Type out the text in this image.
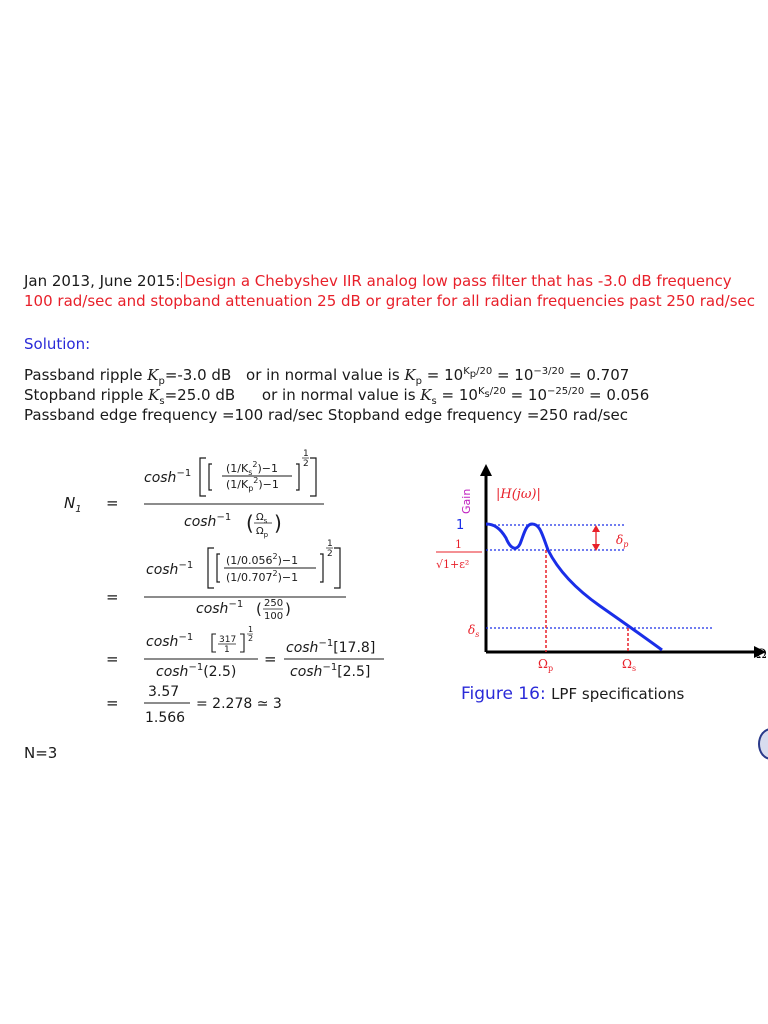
Jan 2013, June 2015: Design a Chebyshev IIR analog low pass filter that has -3.0 dB frequency 100 rad/sec and stopband attenuation 25 dB or grater for all radian frequencies past 250 rad/sec
Solution:
Passband ripple $K_p=-3.0$ dB or in normal value is $K_p = 10^{K_p/20} = 10^{-3/20} = 0.707$
Stopband ripple $K_s=25.0$ dB or in normal value is $K_s = 10^{K_s/20} = 10^{-25/20} = 0.056$
Passband edge frequency =100 rad/sec Stopband edge frequency =250 rad/sec
$N_1$ =
$\cosh^{-1}$	$(1/K_s^2)-1$
$(1/K_p^2)-1$
1
2
$\cosh^{-1}$ ( $\Omega_s$
$\Omega_p$ )
=
$\cosh^{-1}$	$(1/0.056^2)-1$
$(1/0.707^2)-1$
1
2
$\cosh^{-1}$ ( 250
100 )
=
$\cosh^{-1}$	317
1
1
2
$\cosh^{-1}(2.5)$
=
$\cosh^{-1}[17.8]$
$\cosh^{-1}[2.5]$
=
3.57
1.566
= 2.278 ≃ 3
Gain |H(jω)|
$\delta_p$
1
1
√1+ε²
$\delta_s$
$\Omega_p$	$\Omega_s$
Ω
Figure 16: LPF specifications
N=3
